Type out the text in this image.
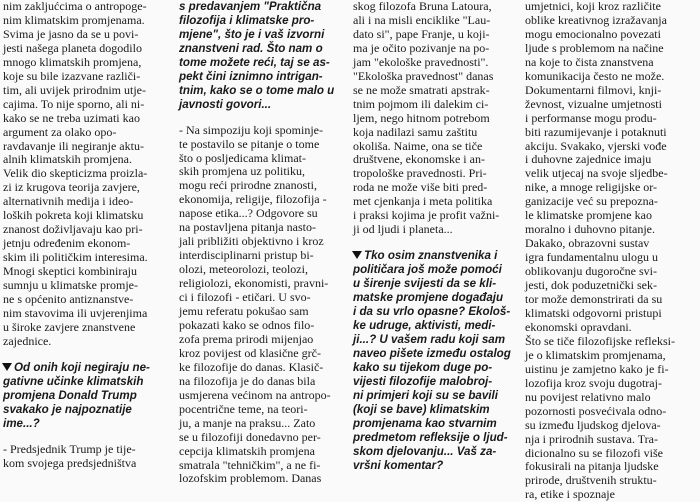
nim zakljućcima o antropoge-

nim klimatskim promjenama.

Svima je jasno da se u povi-

jesti našega planeta dogodilo

mnogo klimatskih promjena,

koje su bile izazvane različi-

tim, ali uvijek prirodnim utje-

cajima. To nije sporno, ali ni-

kako se ne treba uzimati kao

argument za olako opo-

ravdavanje ili negiranje aktu-

alnih klimatskih promjena.

Velik dio skepticizma proizla-

zi iz krugova teorija zavjere,

alternativnih medija i ideo-

loških pokreta koji klimatsku

znanost doživljavaju kao pri-

jetnju određenim ekonom-

skim ili političkim interesima.

Mnogi skeptici kombiniraju

sumnju u klimatske promje-

ne s općenito antiznanstve-

nim stavovima ili uvjerenjima

u široke zavjere znanstvene

zajednice.

Od onih koji negiraju ne-

gativne učinke klimatskih

promjena Donald Trump

svakako je najpoznatije

ime...?

- Predsjednik Trump je tije-

kom svojega predsjedništva

s predavanjem "Praktična

filozofija i klimatske pro-

mjene", što je i vaš izvorni

znanstveni rad. Što nam o

tome možete reći, taj se as-

pekt čini iznimno intrigan-

tnim, kako se o tome malo u

javnosti govori...

- Na simpoziju koji spominje-

te postavilo se pitanje o tome

što o posljedicama klimat-

skih promjena uz politiku,

mogu reći prirodne znanosti,

ekonomija, religije, filozofija -

napose etika...? Odgovore su

na postavljena pitanja nasto-

jali približiti objektivno i kroz

interdisciplinarni pristup bi-

olozi, meteorolozi, teolozi,

religiolozi, ekonomisti, pravni-

ci i filozofi - etičari. U svo-

jemu referatu pokušao sam

pokazati kako se odnos filo-

zofa prema prirodi mijenjao

kroz povijest od klasične grč-

ke filozofije do danas. Klasič-

na filozofija je do danas bila

usmjerena većinom na antropo-

pocentrične teme, na teori-

ju, a manje na praksu... Zato

se u filozofiji donedavno per-

cepcija klimatskih promjena

smatrala "tehničkim", a ne fi-

lozofskim problemom. Danas

skog filozofa Bruna Latoura,

ali i na misli enciklike "Lau-

dato si", pape Franje, u koji-

ma je očito pozivanje na po-

jam "ekološke pravednosti".

"Ekološka pravednost" danas

se ne može smatrati apstrak-

tnim pojmom ili dalekim ci-

ljem, nego hitnom potrebom

koja nadilazi samu zaštitu

okoliša. Naime, ona se tiče

društvene, ekonomske i an-

tropološke pravednosti. Pri-

roda ne može više biti pred-

met cjenkanja i meta politika

i praksi kojima je profit važni-

ji od ljudi i planeta...

Tko osim znanstvenika i

političara još može pomoći

u širenje svijesti da se kli-

matske promjene događaju

i da su vrlo opasne? Ekološ-

ke udruge, aktivisti, medi-

ji...? U vašem radu koji sam

naveo pišete između ostalog

kako su tijekom duge po-

vijesti filozofije malobroj-

ni primjeri koji su se bavili

(koji se bave) klimatskim

promjenama kao stvarnim

predmetom refleksije o ljud-

skom djelovanju... Vaš za-

vršni komentar?

umjetnici, koji kroz različite

oblike kreativnog izražavanja

mogu emocionalno povezati

ljude s problemom na načine

na koje to čista znanstvena

komunikacija često ne može.

Dokumentarni filmovi, knji-

ževnost, vizualne umjetnosti

i performanse mogu produ-

biti razumijevanje i potaknuti

akciju. Svakako, vjerski vođe

i duhovne zajednice imaju

velik utjecaj na svoje sljedbe-

nike, a mnoge religijske or-

ganizacije već su prepozna-

le klimatske promjene kao

moralno i duhovno pitanje.

Dakako, obrazovni sustav

igra fundamentalnu ulogu u

oblikovanju dugoročne svi-

jesti, dok poduzetnički sek-

tor može demonstrirati da su

klimatski odgovorni pristupi

ekonomski opravdani.

Što se tiče filozofijske refleksi-

je o klimatskim promjenama,

uistinu je zamjetno kako je fi-

lozofija kroz svoju dugotraj-

nu povijest relativno malo

pozornosti posvećivala odno-

su između ljudskog djelova-

nja i prirodnih sustava. Tra-

dicionalno su se filozofi više

fokusirali na pitanja ljudske

prirode, društvenih struktu-

ra, etike i spoznaje
